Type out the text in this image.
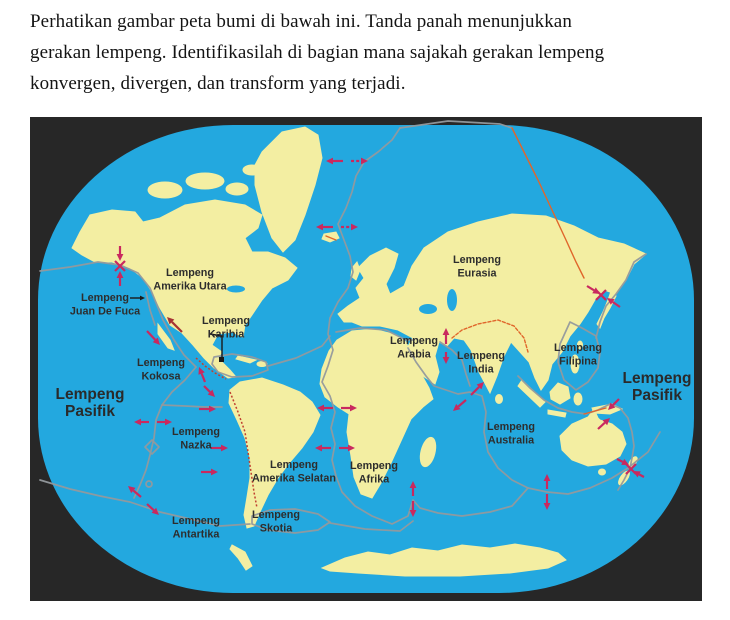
Perhatikan gambar peta bumi di bawah ini. Tanda panah menunjukkan
gerakan lempeng. Identifikasilah di bagian mana sajakah gerakan lempeng
konvergen, divergen, dan transform yang terjadi.
Lempeng
Amerika Utara
Lempeng
Juan De Fuca
Lempeng
Karibia
Lempeng
Kokosa
Lempeng
Pasifik
Lempeng
Nazka
Lempeng
Amerika Selatan
Lempeng
Antartika
Lempeng
Skotia
Lempeng
Eurasia
Lempeng
Arabia Lempeng
India
Lempeng
Afrika
Lempeng
Australia
Lempeng
Filipina
Lempeng
Pasifik
